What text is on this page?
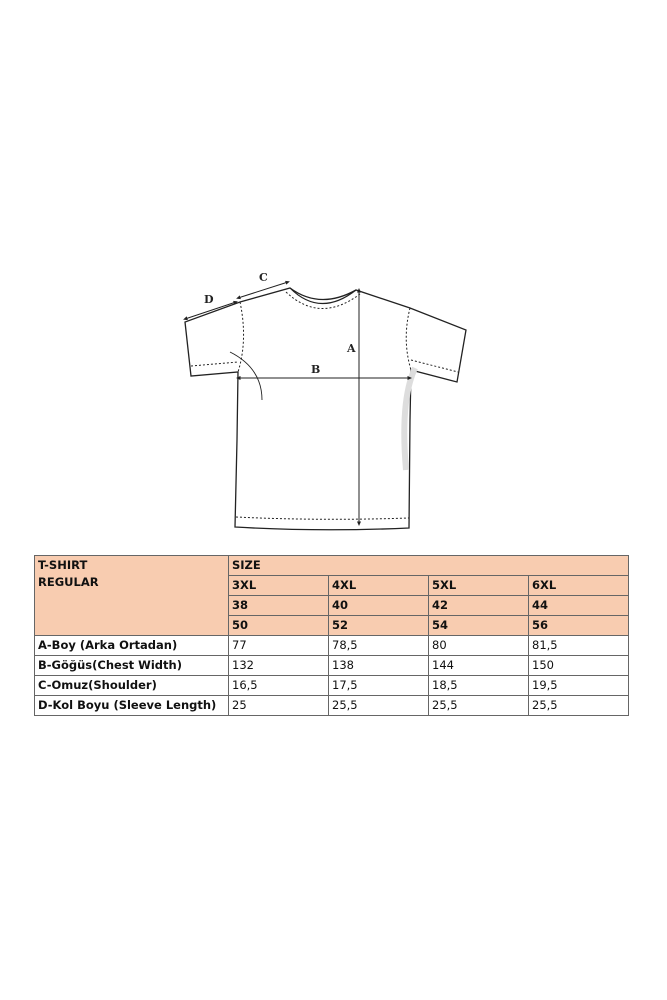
A
B
C
D
T-SHIRT
REGULAR	SIZE			
	3XL	4XL	5XL	6XL
	38	40	42	44
	50	52	54	56
A-Boy (Arka Ortadan)	77	78,5	80	81,5
B-Göğüs(Chest Width)	132	138	144	150
C-Omuz(Shoulder)	16,5	17,5	18,5	19,5
D-Kol Boyu (Sleeve Length)	25	25,5	25,5	25,5
